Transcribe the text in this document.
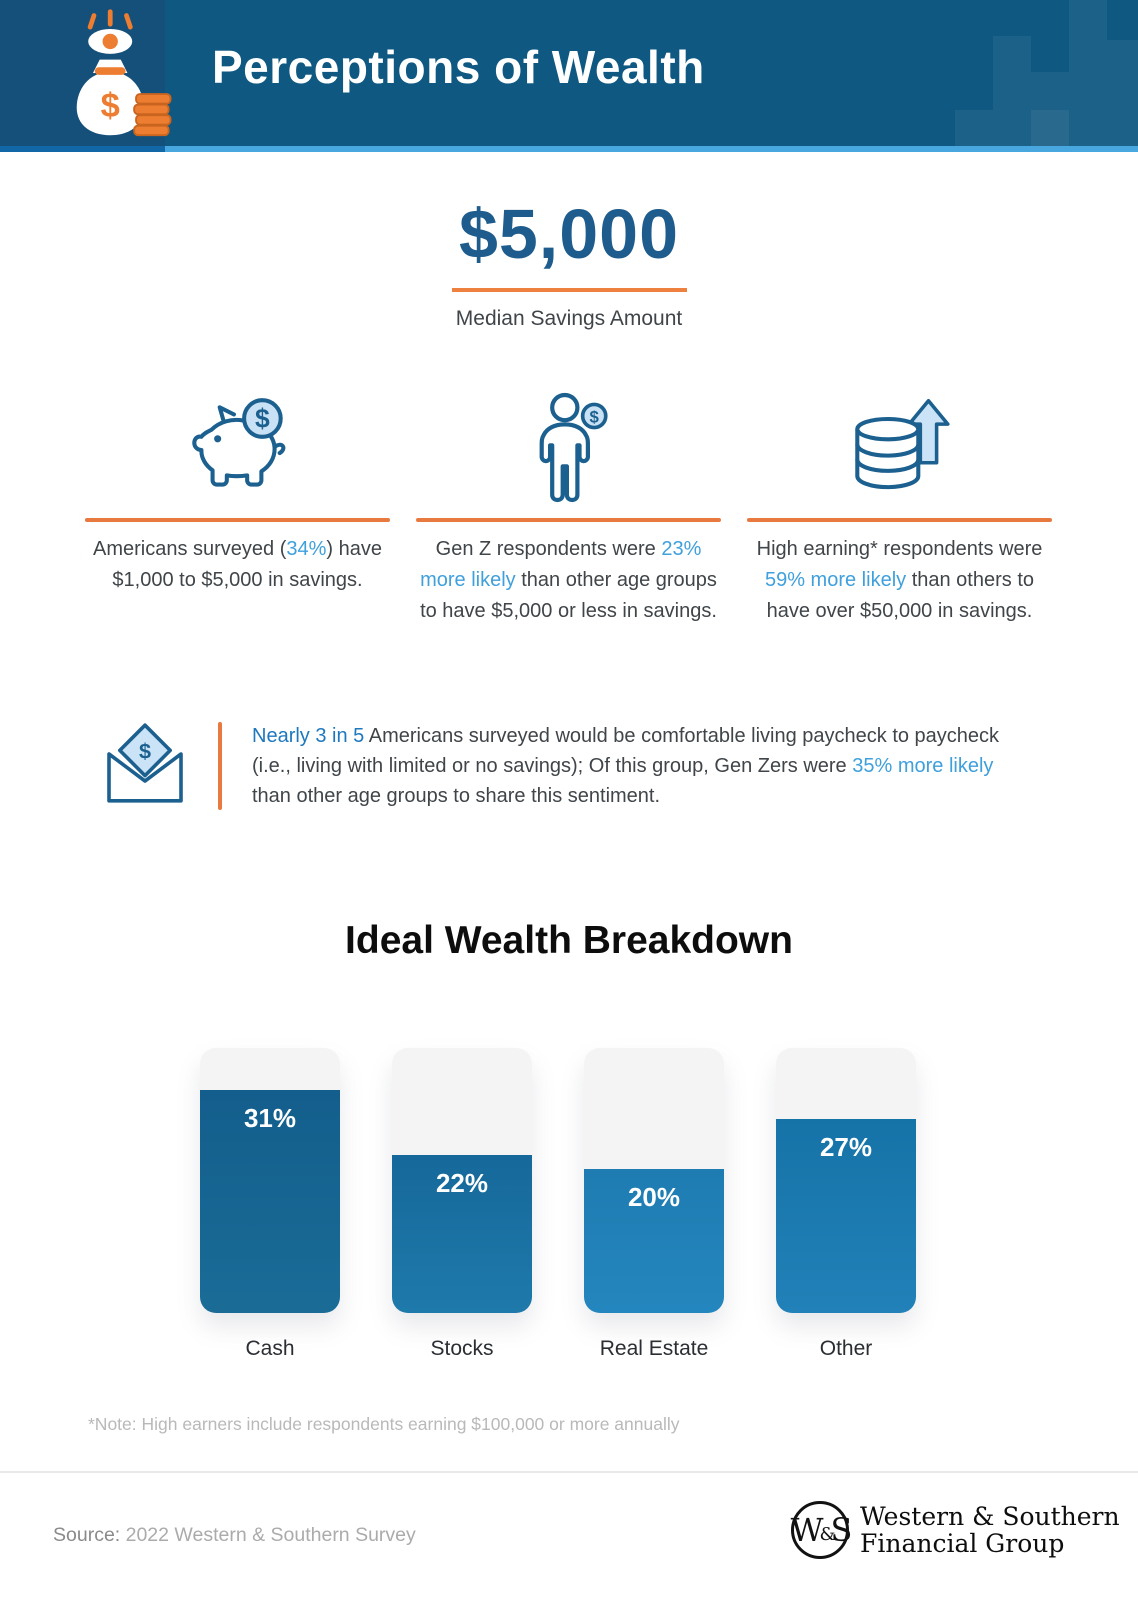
$
Perceptions of Wealth
$5,000
Median Savings Amount
$

Americans surveyed (34%) have $1,000 to $5,000 in savings.

$

Gen Z respondents were 23% more likely than other age groups to have $5,000 or less in savings.

High earning* respondents were 59% more likely than others to have over $50,000 in savings.

$
Nearly 3 in 5 Americans surveyed would be comfortable living paycheck to paycheck (i.e., living with limited or no savings); Of this group, Gen Zers were 35% more likely than other age groups to share this sentiment.
Ideal Wealth Breakdown
31%
Cash
22%
Stocks
20%
Real Estate
27%
Other
*Note: High earners include respondents earning $100,000 or more annually
Source: 2022 Western & Southern Survey	W &
S Western & Southern
Financial Group
